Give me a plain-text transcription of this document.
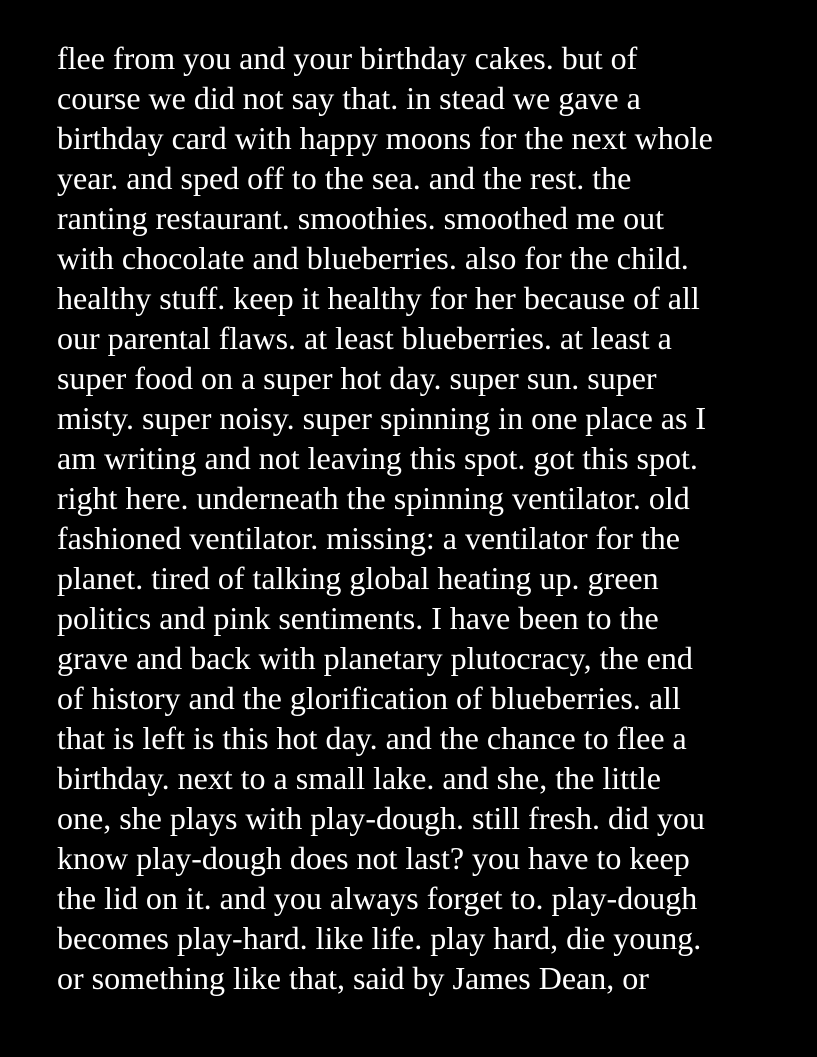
flee from you and your birthday cakes. but of
course we did not say that. in stead we gave a
birthday card with happy moons for the next whole
year. and sped off to the sea. and the rest. the
ranting restaurant. smoothies. smoothed me out
with chocolate and blueberries. also for the child.
healthy stuff. keep it healthy for her because of all
our parental flaws. at least blueberries. at least a
super food on a super hot day. super sun. super
misty. super noisy. super spinning in one place as I
am writing and not leaving this spot. got this spot.
right here. underneath the spinning ventilator. old
fashioned ventilator. missing: a ventilator for the
planet. tired of talking global heating up. green
politics and pink sentiments. I have been to the
grave and back with planetary plutocracy, the end
of history and the glorification of blueberries. all
that is left is this hot day. and the chance to flee a
birthday. next to a small lake. and she, the little
one, she plays with play-dough. still fresh. did you
know play-dough does not last? you have to keep
the lid on it. and you always forget to. play-dough
becomes play-hard. like life. play hard, die young.
or something like that, said by James Dean, or
